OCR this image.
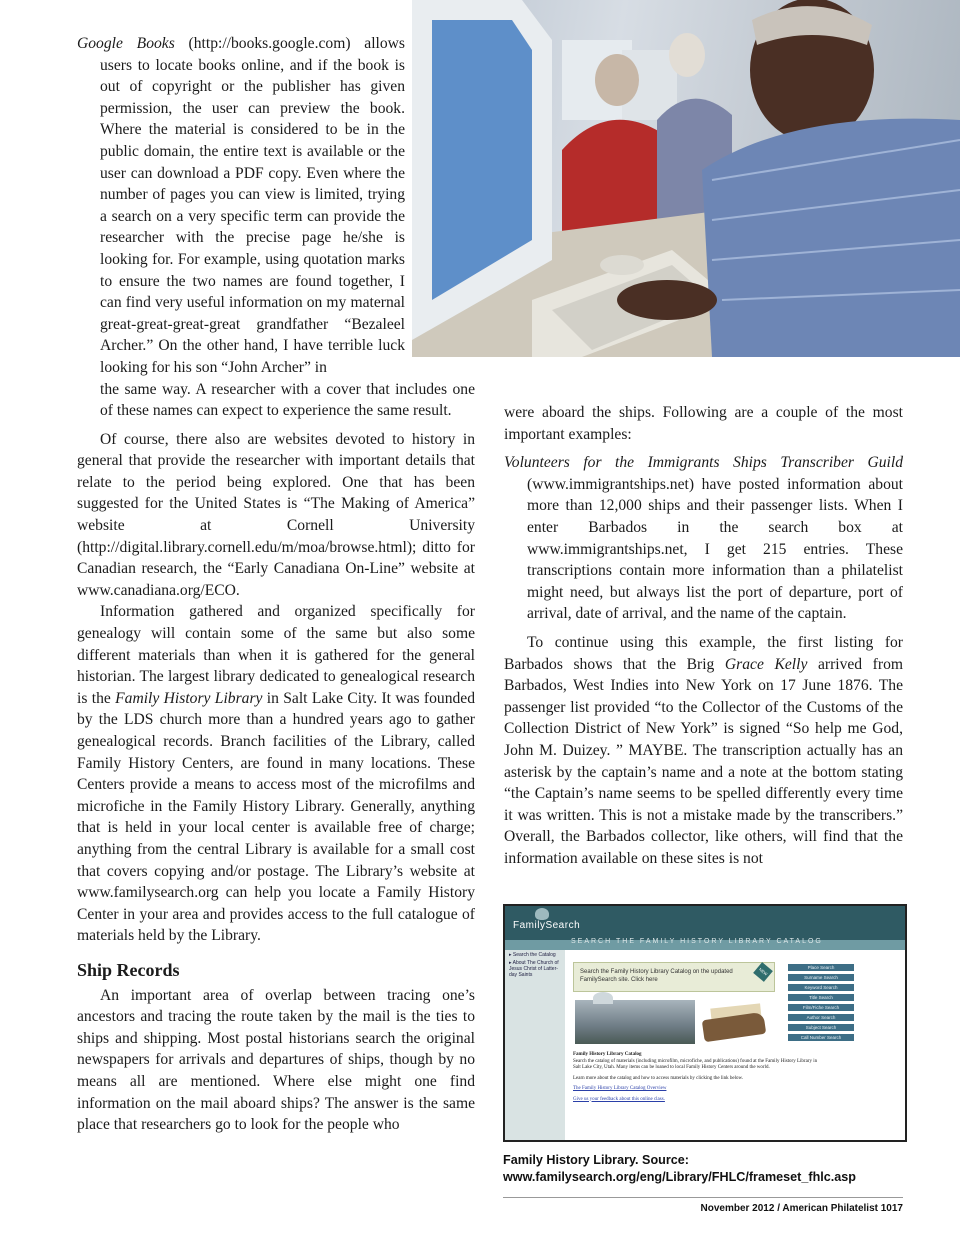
Google Books (http://books.google.com) allows users to locate books online, and if the book is out of copyright or the publisher has given permission, the user can preview the book. Where the material is considered to be in the public domain, the entire text is available or the user can download a PDF copy. Even where the number of pages you can view is limited, trying a search on a very specific term can provide the researcher with the precise page he/she is looking for. For example, using quotation marks to ensure the two names are found together, I can find very useful information on my maternal great-great-great-great grandfather “Bezaleel Archer.” On the other hand, I have terrible luck looking for his son “John Archer” in

the same way. A researcher with a cover that includes one of these names can expect to experience the same result.

Of course, there also are websites devoted to history in general that provide the researcher with important details that relate to the period being explored. One that has been suggested for the United States is “The Making of America” website at Cornell University (http://digital.library.cornell.edu/m/moa/browse.html); ditto for Canadian research, the “Early Canadiana On-Line” website at www.canadiana.org/ECO.

Information gathered and organized specifically for genealogy will contain some of the same but also some different materials than when it is gathered for the general historian. The largest library dedicated to genealogical research is the Family History Library in Salt Lake City. It was founded by the LDS church more than a hundred years ago to gather genealogical records. Branch facilities of the Library, called Family History Centers, are found in many locations. These Centers provide a means to access most of the microfilms and microfiche in the Family History Library. Generally, anything that is held in your local center is available free of charge; anything from the central Library is available for a small cost that covers copying and/or postage. The Library’s website at www.familysearch.org can help you locate a Family History Center in your area and provides access to the full catalogue of materials held by the Library.

Ship Records

An important area of overlap between tracing one’s ancestors and tracing the route taken by the mail is the ties to ships and shipping. Most postal historians search the original newspapers for arrivals and departures of ships, though by no means all are mentioned. Where else might one find information on the mail aboard ships? The answer is the same place that researchers go to look for the people who

were aboard the ships. Following are a couple of the most important examples:

Volunteers for the Immigrants Ships Transcriber Guild (www.immigrantships.net) have posted information about more than 12,000 ships and their passenger lists. When I enter Barbados in the search box at www.immigrantships.net, I get 215 entries. These transcriptions contain more information than a philatelist might need, but always list the port of departure, port of arrival, date of arrival, and the name of the captain.

To continue using this example, the first listing for Barbados shows that the Brig Grace Kelly arrived from Barbados, West Indies into New York on 17 June 1876. The passenger list provided “to the Collector of the Customs of the Collection District of New York” is signed “So help me God, John M. Duizey. ” MAYBE. The transcription actually has an asterisk by the captain’s name and a note at the bottom stating “the Captain’s name seems to be spelled differently every time it was written. This is not a mistake made by the transcribers.” Overall, the Barbados collector, like others, will find that the information available on these sites is not

FamilySearch
SEARCH THE FAMILY HISTORY LIBRARY CATALOG
▸ Search the Catalog
▸ About The Church of Jesus Christ of Latter-day Saints	Search the Family History Library Catalog on the updated FamilySearch site. Click here
NEW	Place Search
Surname Search
Keyword Search
Title Search
Film/Fiche Search
Author Search
Subject Search
Call Number Search
Family History Library Catalog
Search the catalog of materials (including microfilm, microfiche, and publications) found at the Family History Library in Salt Lake City, Utah. Many items can be loaned to local Family History Centers around the world.
Learn more about the catalog and how to access materials by clicking the link below.
The Family History Library Catalog Overview
Give us your feedback about this online class.
Family History Library. Source: www.familysearch.org/eng/Library/FHLC/frameset_fhlc.asp
November 2012 / American Philatelist 1017
